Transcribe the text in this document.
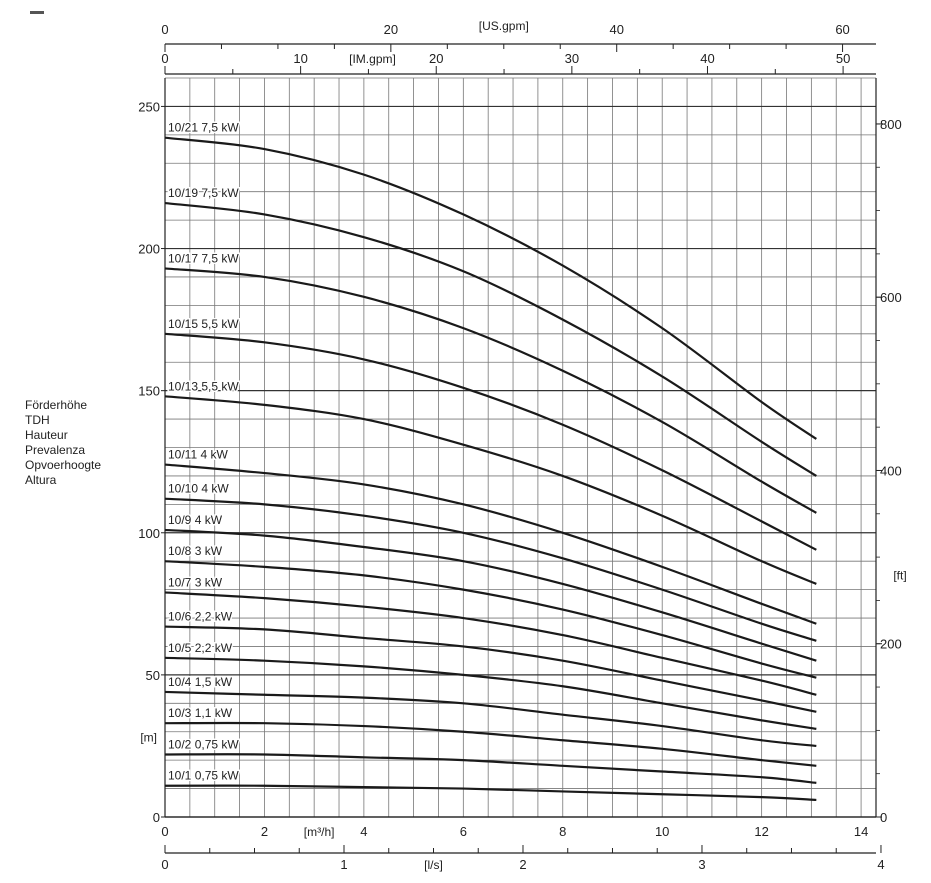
Förderhöhe
TDH
Hauteur
Prevalenza
Opvoerhoogte
Altura
0
50
100
150
200
250
[m]
0
200
400
600
800
[ft]
0	2	4	6	8	10	12	14
[m³/h]
0	1	2	3	4
[l/s]
0	20	40	60
[US.gpm]
0	10	20	30	40	50
[IM.gpm]
10/21 7,5 kW
10/19 7,5 kW
10/17 7,5 kW
10/15 5,5 kW
10/13 5,5 kW
10/11 4 kW
10/10 4 kW
10/9 4 kW
10/8 3 kW
10/7 3 kW
10/6 2,2 kW
10/5 2,2 kW
10/4 1,5 kW
10/3 1,1 kW
10/2 0,75 kW
10/1 0,75 kW
